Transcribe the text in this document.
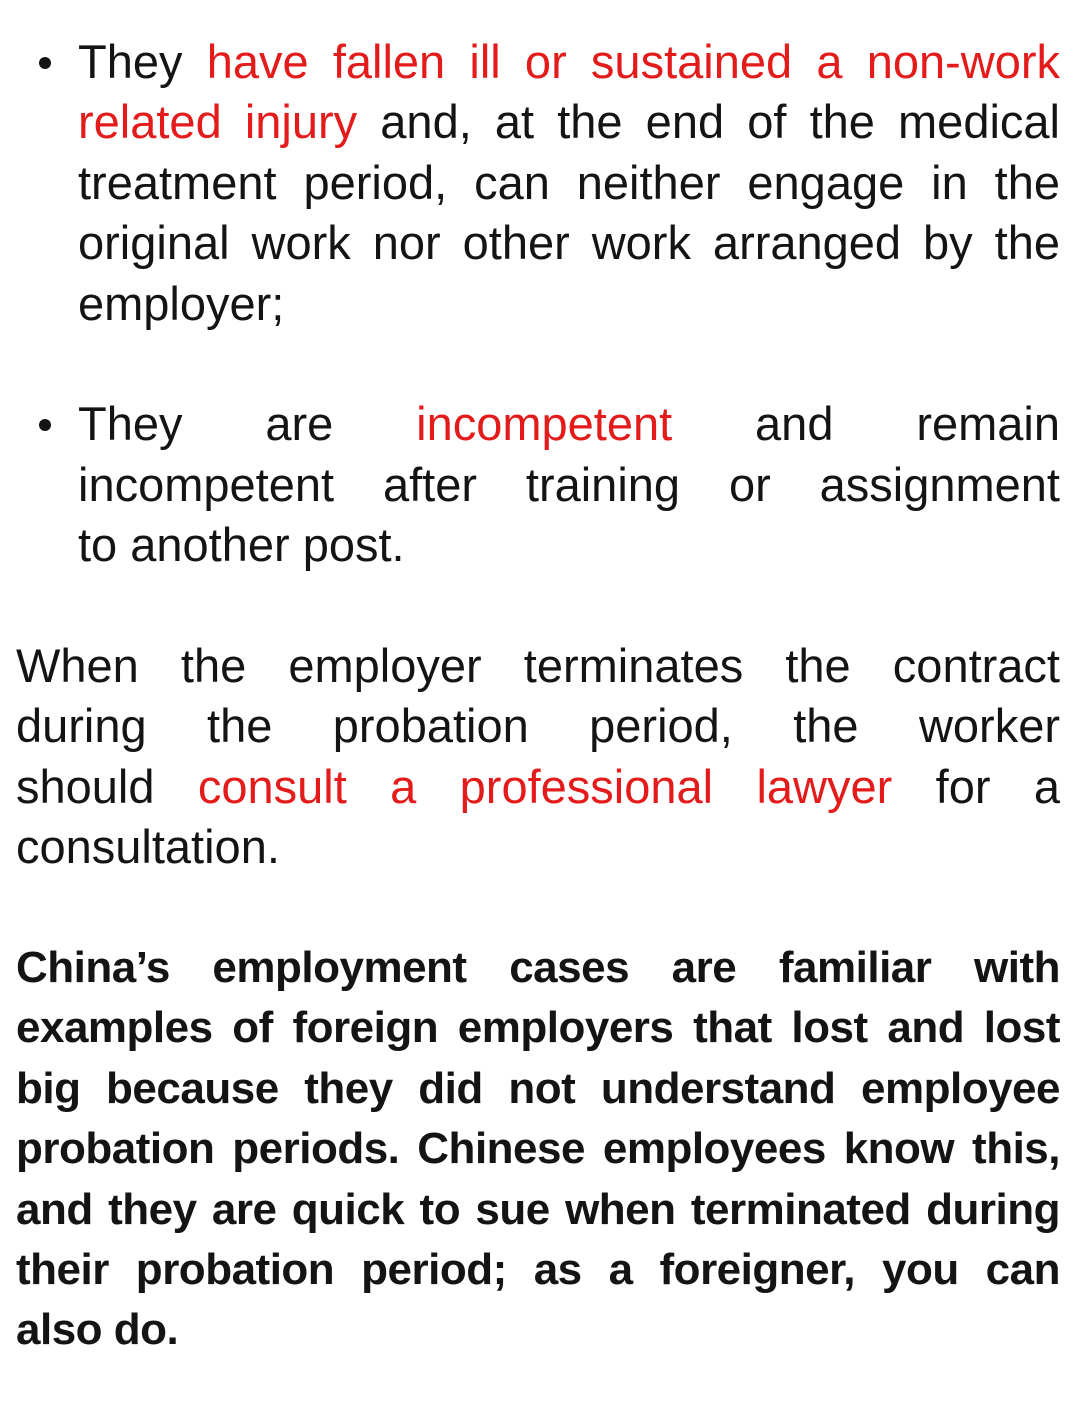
They have fallen ill or sustained a non-work
related injury and, at the end of the medical
treatment period, can neither engage in the
original work nor other work arranged by the
employer;
They are incompetent and remain
incompetent after training or assignment
to another post.
When the employer terminates the contract
during the probation period, the worker
should consult a professional lawyer for a
consultation.
China’s employment cases are familiar with
examples of foreign employers that lost and lost
big because they did not understand employee
probation periods. Chinese employees know this,
and they are quick to sue when terminated during
their probation period; as a foreigner, you can
also do.
